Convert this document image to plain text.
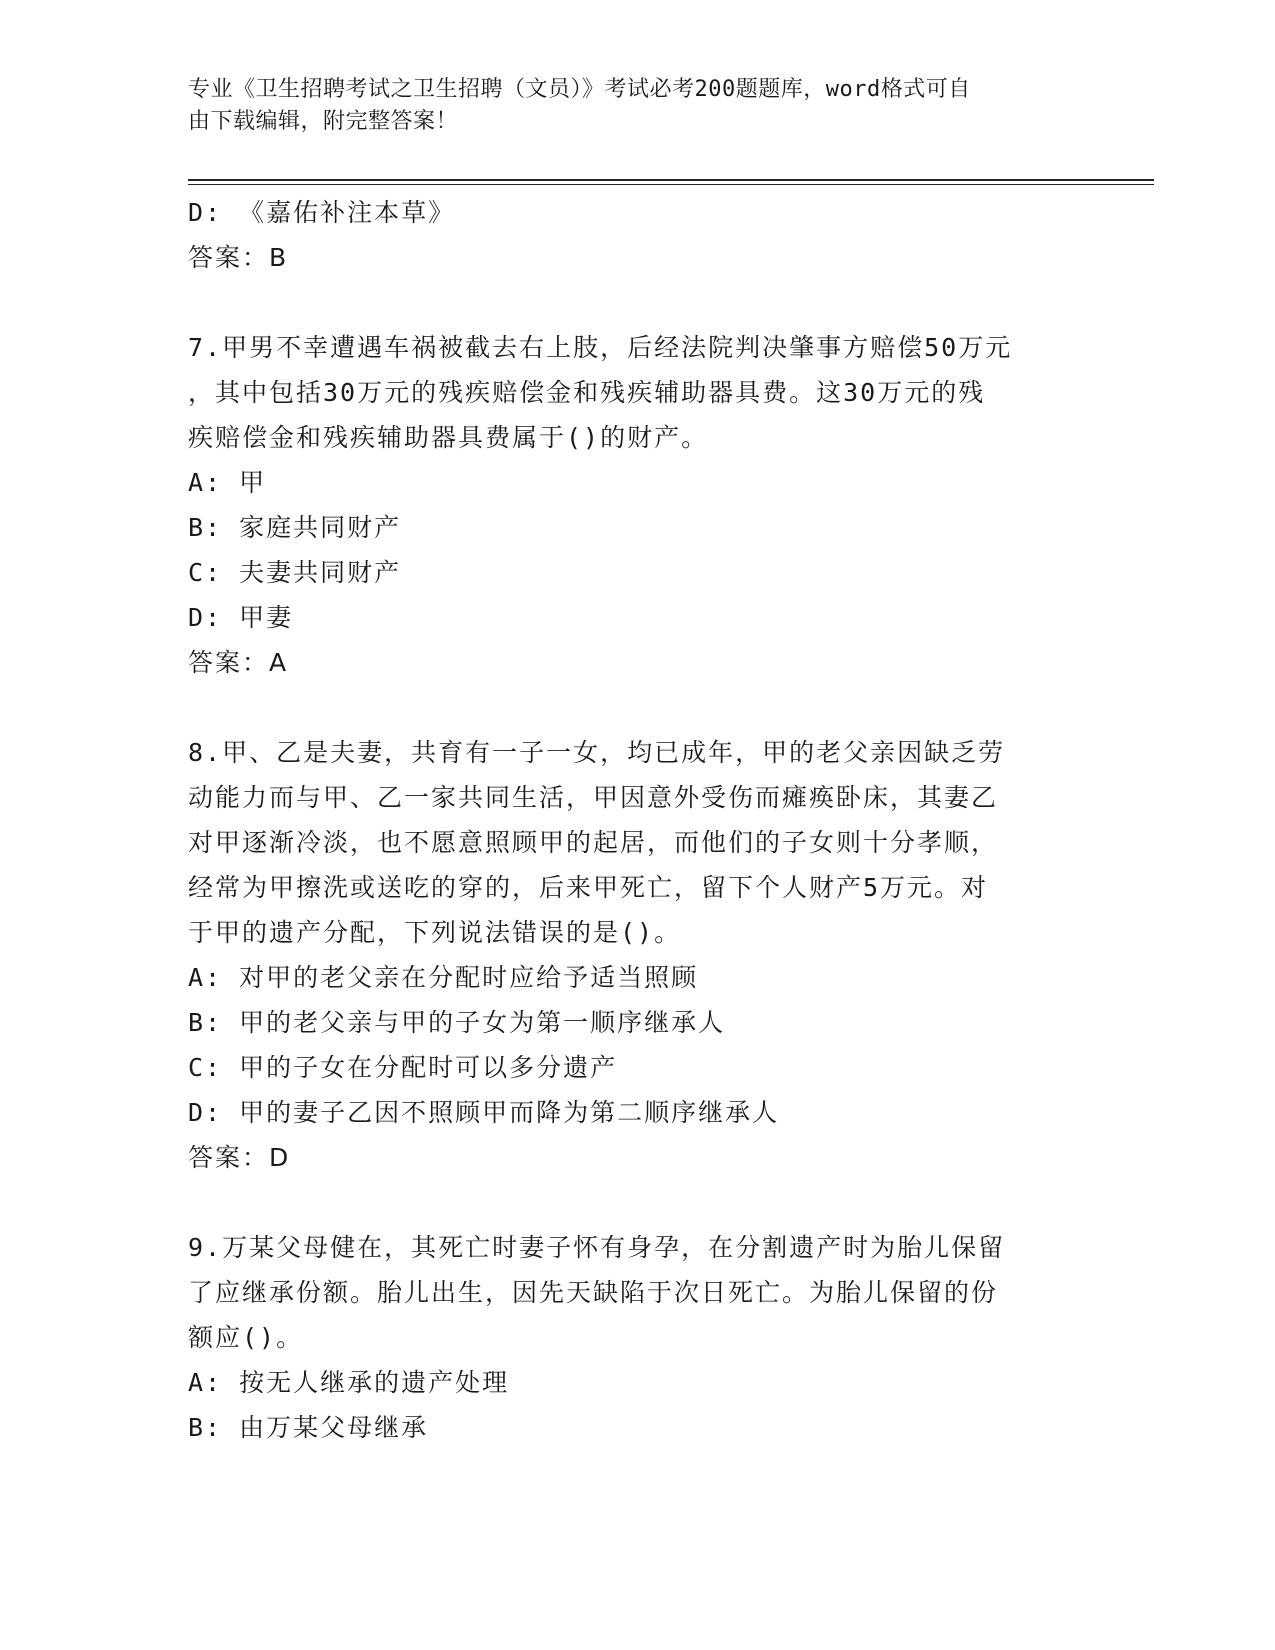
专业《卫生招聘考试之卫生招聘（文员）》考试必考200题题库，word格式可自
由下载编辑，附完整答案！
D: 《嘉佑补注本草》
答案：B
7.甲男不幸遭遇车祸被截去右上肢，后经法院判决肇事方赔偿50万元
，其中包括30万元的残疾赔偿金和残疾辅助器具费。这30万元的残
疾赔偿金和残疾辅助器具费属于()的财产。
A: 甲
B: 家庭共同财产
C: 夫妻共同财产
D: 甲妻
答案：A
8.甲、乙是夫妻，共育有一子一女，均已成年，甲的老父亲因缺乏劳
动能力而与甲、乙一家共同生活，甲因意外受伤而瘫痪卧床，其妻乙
对甲逐渐冷淡，也不愿意照顾甲的起居，而他们的子女则十分孝顺，
经常为甲擦洗或送吃的穿的，后来甲死亡，留下个人财产5万元。对
于甲的遗产分配，下列说法错误的是()。
A: 对甲的老父亲在分配时应给予适当照顾
B: 甲的老父亲与甲的子女为第一顺序继承人
C: 甲的子女在分配时可以多分遗产
D: 甲的妻子乙因不照顾甲而降为第二顺序继承人
答案：D
9.万某父母健在，其死亡时妻子怀有身孕，在分割遗产时为胎儿保留
了应继承份额。胎儿出生，因先天缺陷于次日死亡。为胎儿保留的份
额应()。
A: 按无人继承的遗产处理
B: 由万某父母继承
